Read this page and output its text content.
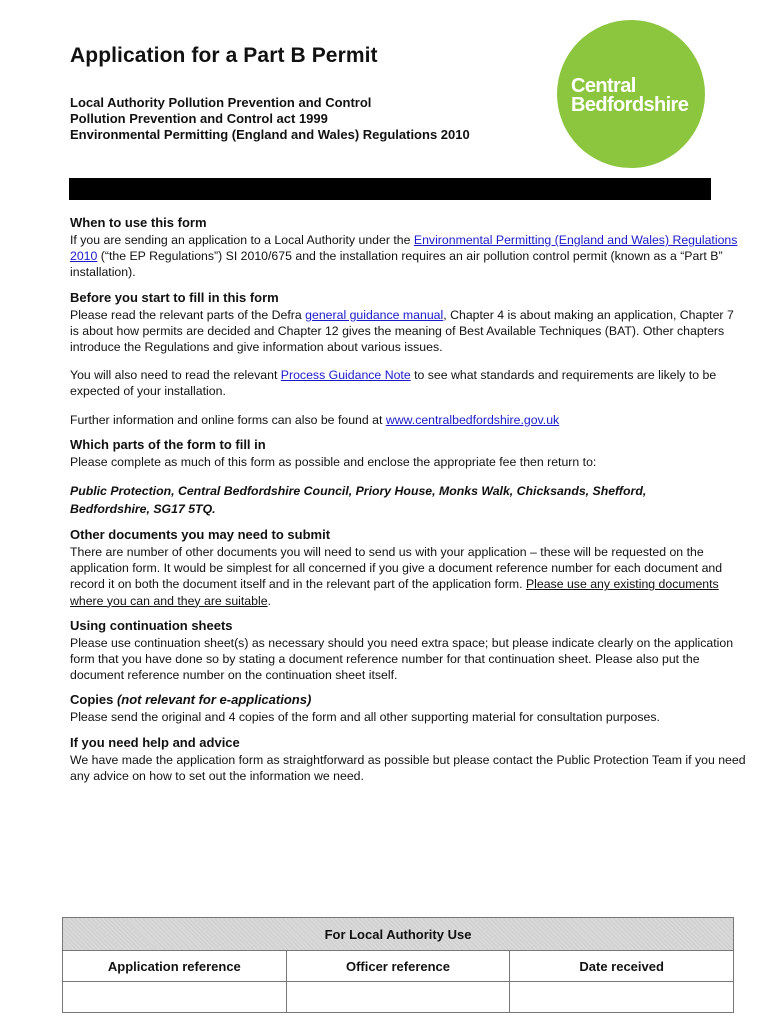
Application for a Part B Permit
Local Authority Pollution Prevention and Control
Pollution Prevention and Control act 1999
Environmental Permitting (England and Wales) Regulations 2010
Central
Bedfordshire
When to use this form

If you are sending an application to a Local Authority under the Environmental Permitting (England and Wales) Regulations 2010 (“the EP Regulations”) SI 2010/675 and the installation requires an air pollution control permit (known as a “Part B” installation).

Before you start to fill in this form

Please read the relevant parts of the Defra general guidance manual, Chapter 4 is about making an application, Chapter 7 is about how permits are decided and Chapter 12 gives the meaning of Best Available Techniques (BAT). Other chapters introduce the Regulations and give information about various issues.

You will also need to read the relevant Process Guidance Note to see what standards and requirements are likely to be expected of your installation.

Further information and online forms can also be found at www.centralbedfordshire.gov.uk

Which parts of the form to fill in

Please complete as much of this form as possible and enclose the appropriate fee then return to:

Public Protection, Central Bedfordshire Council, Priory House, Monks Walk, Chicksands, Shefford, Bedfordshire, SG17 5TQ.

Other documents you may need to submit

There are number of other documents you will need to send us with your application – these will be requested on the application form. It would be simplest for all concerned if you give a document reference number for each document and record it on both the document itself and in the relevant part of the application form. Please use any existing documents where you can and they are suitable.

Using continuation sheets

Please use continuation sheet(s) as necessary should you need extra space; but please indicate clearly on the application form that you have done so by stating a document reference number for that continuation sheet. Please also put the document reference number on the continuation sheet itself.

Copies (not relevant for e-applications)

Please send the original and 4 copies of the form and all other supporting material for consultation purposes.

If you need help and advice

We have made the application form as straightforward as possible but please contact the Public Protection Team if you need any advice on how to set out the information we need.

For Local Authority Use		
Application reference	Officer reference	Date received
